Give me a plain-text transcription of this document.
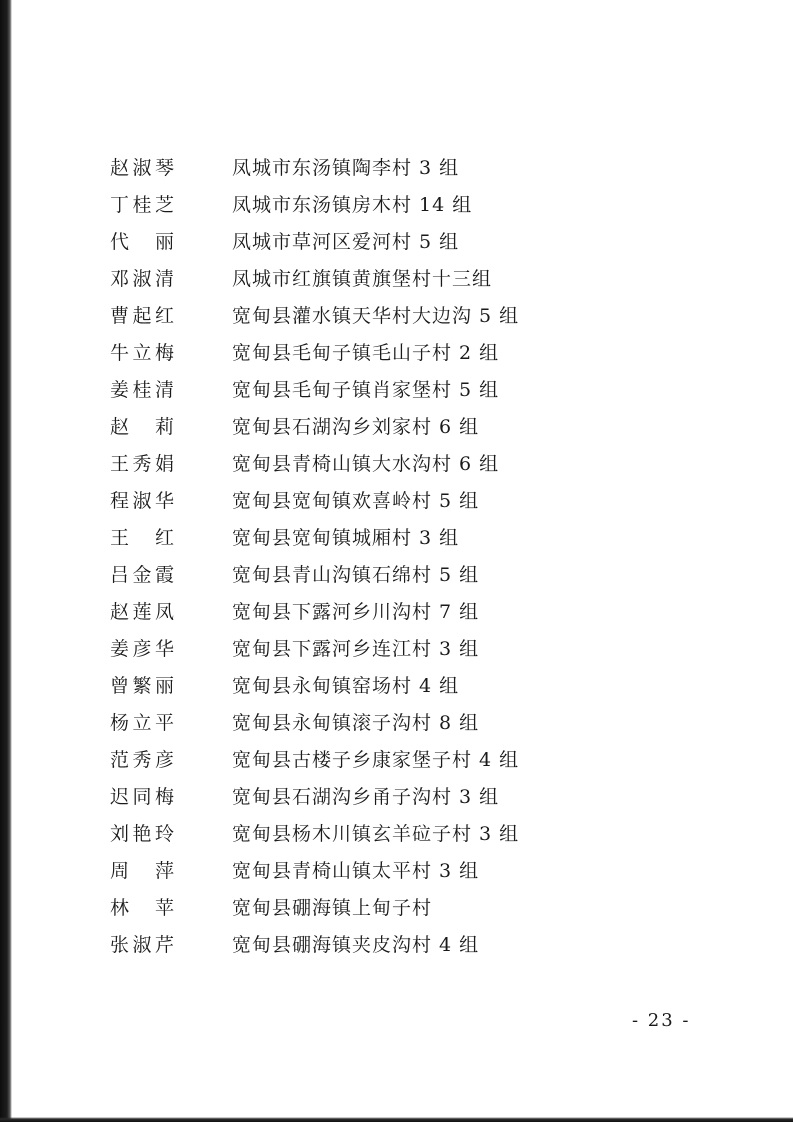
赵淑琴	凤城市东汤镇陶李村 3 组
丁桂芝	凤城市东汤镇房木村 14 组
代丽	凤城市草河区爱河村 5 组
邓淑清	凤城市红旗镇黄旗堡村十三组
曹起红	宽甸县灌水镇天华村大边沟 5 组
牛立梅	宽甸县毛甸子镇毛山子村 2 组
姜桂清	宽甸县毛甸子镇肖家堡村 5 组
赵莉	宽甸县石湖沟乡刘家村 6 组
王秀娟	宽甸县青椅山镇大水沟村 6 组
程淑华	宽甸县宽甸镇欢喜岭村 5 组
王红	宽甸县宽甸镇城厢村 3 组
吕金霞	宽甸县青山沟镇石绵村 5 组
赵莲凤	宽甸县下露河乡川沟村 7 组
姜彦华	宽甸县下露河乡连江村 3 组
曾繁丽	宽甸县永甸镇窑场村 4 组
杨立平	宽甸县永甸镇滚子沟村 8 组
范秀彦	宽甸县古楼子乡康家堡子村 4 组
迟同梅	宽甸县石湖沟乡甬子沟村 3 组
刘艳玲	宽甸县杨木川镇玄羊砬子村 3 组
周萍	宽甸县青椅山镇太平村 3 组
林苹	宽甸县硼海镇上甸子村
张淑芹	宽甸县硼海镇夹皮沟村 4 组
- 23 -
